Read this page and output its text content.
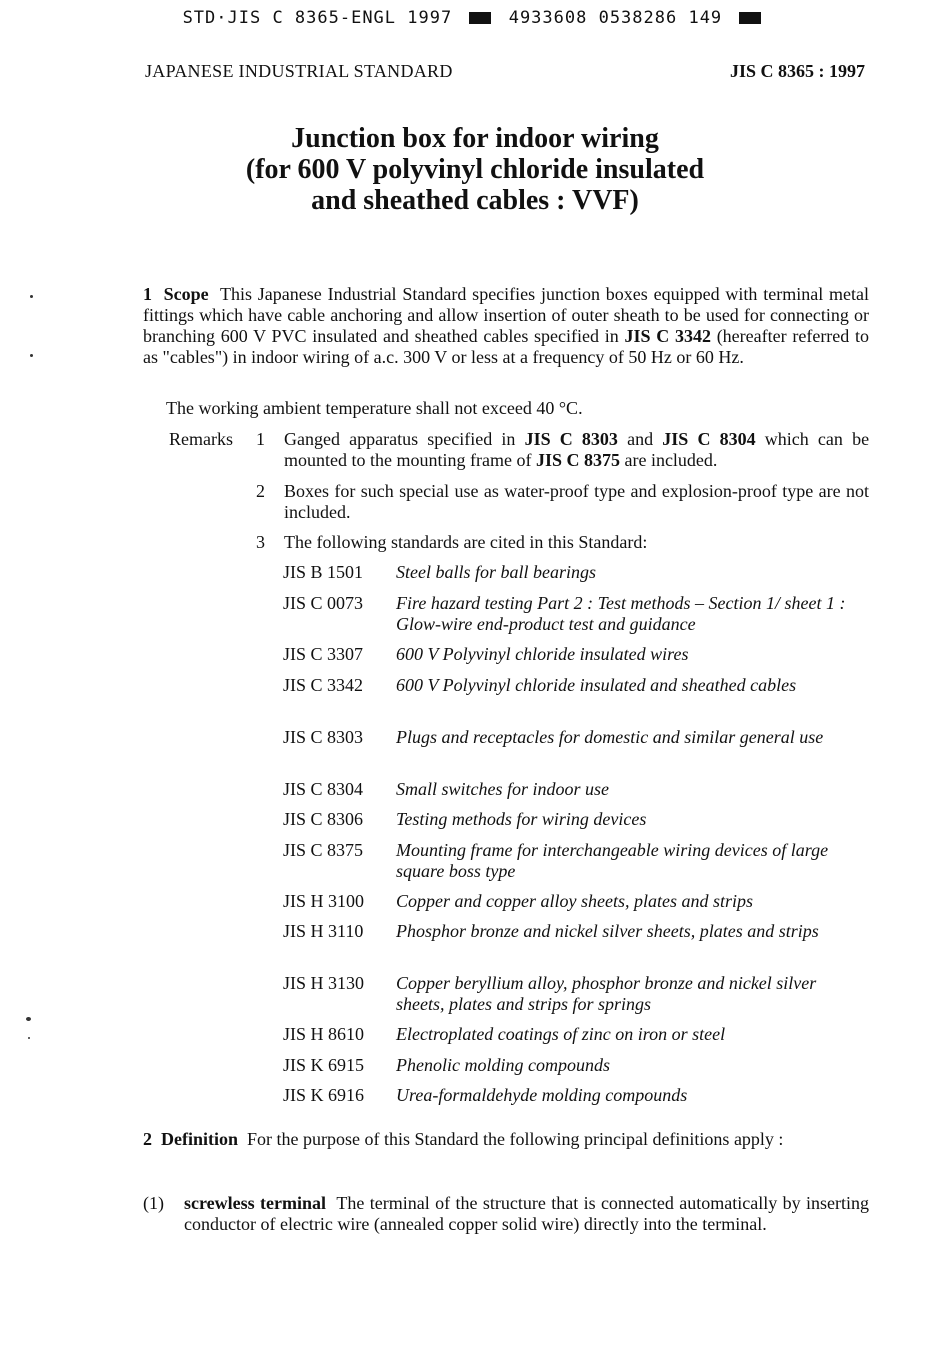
STD·JIS C 8365-ENGL 1997	4933608 0538286 149
JAPANESE INDUSTRIAL STANDARD	JIS C 8365 : 1997
Junction box for indoor wiring
(for 600 V polyvinyl chloride insulated
and sheathed cables : VVF)
1 Scope This Japanese Industrial Standard specifies junction boxes equipped with terminal metal fittings which have cable anchoring and allow insertion of outer sheath to be used for connecting or branching 600 V PVC insulated and sheathed cables specified in JIS C 3342 (hereafter referred to as "cables") in indoor wiring of a.c. 300 V or less at a frequency of 50 Hz or 60 Hz.
The working ambient temperature shall not exceed 40 °C.
Remarks 1 Ganged apparatus specified in JIS C 8303 and JIS C 8304 which can be mounted to the mounting frame of JIS C 8375 are included.
2 Boxes for such special use as water-proof type and explosion-proof type are not included.
3 The following standards are cited in this Standard:
JIS B 1501 Steel balls for ball bearings
JIS C 0073 Fire hazard testing Part 2 : Test methods – Section 1/ sheet 1 : Glow-wire end-product test and guidance
JIS C 3307 600 V Polyvinyl chloride insulated wires
JIS C 3342 600 V Polyvinyl chloride insulated and sheathed cables
JIS C 8303 Plugs and receptacles for domestic and similar general use
JIS C 8304 Small switches for indoor use
JIS C 8306 Testing methods for wiring devices
JIS C 8375 Mounting frame for interchangeable wiring devices of large square boss type
JIS H 3100 Copper and copper alloy sheets, plates and strips
JIS H 3110 Phosphor bronze and nickel silver sheets, plates and strips
JIS H 3130 Copper beryllium alloy, phosphor bronze and nickel silver sheets, plates and strips for springs
JIS H 8610 Electroplated coatings of zinc on iron or steel
JIS K 6915 Phenolic molding compounds
JIS K 6916 Urea-formaldehyde molding compounds
2 Definition For the purpose of this Standard the following principal definitions apply :
(1) screwless terminal The terminal of the structure that is connected automatically by inserting conductor of electric wire (annealed copper solid wire) directly into the terminal.
